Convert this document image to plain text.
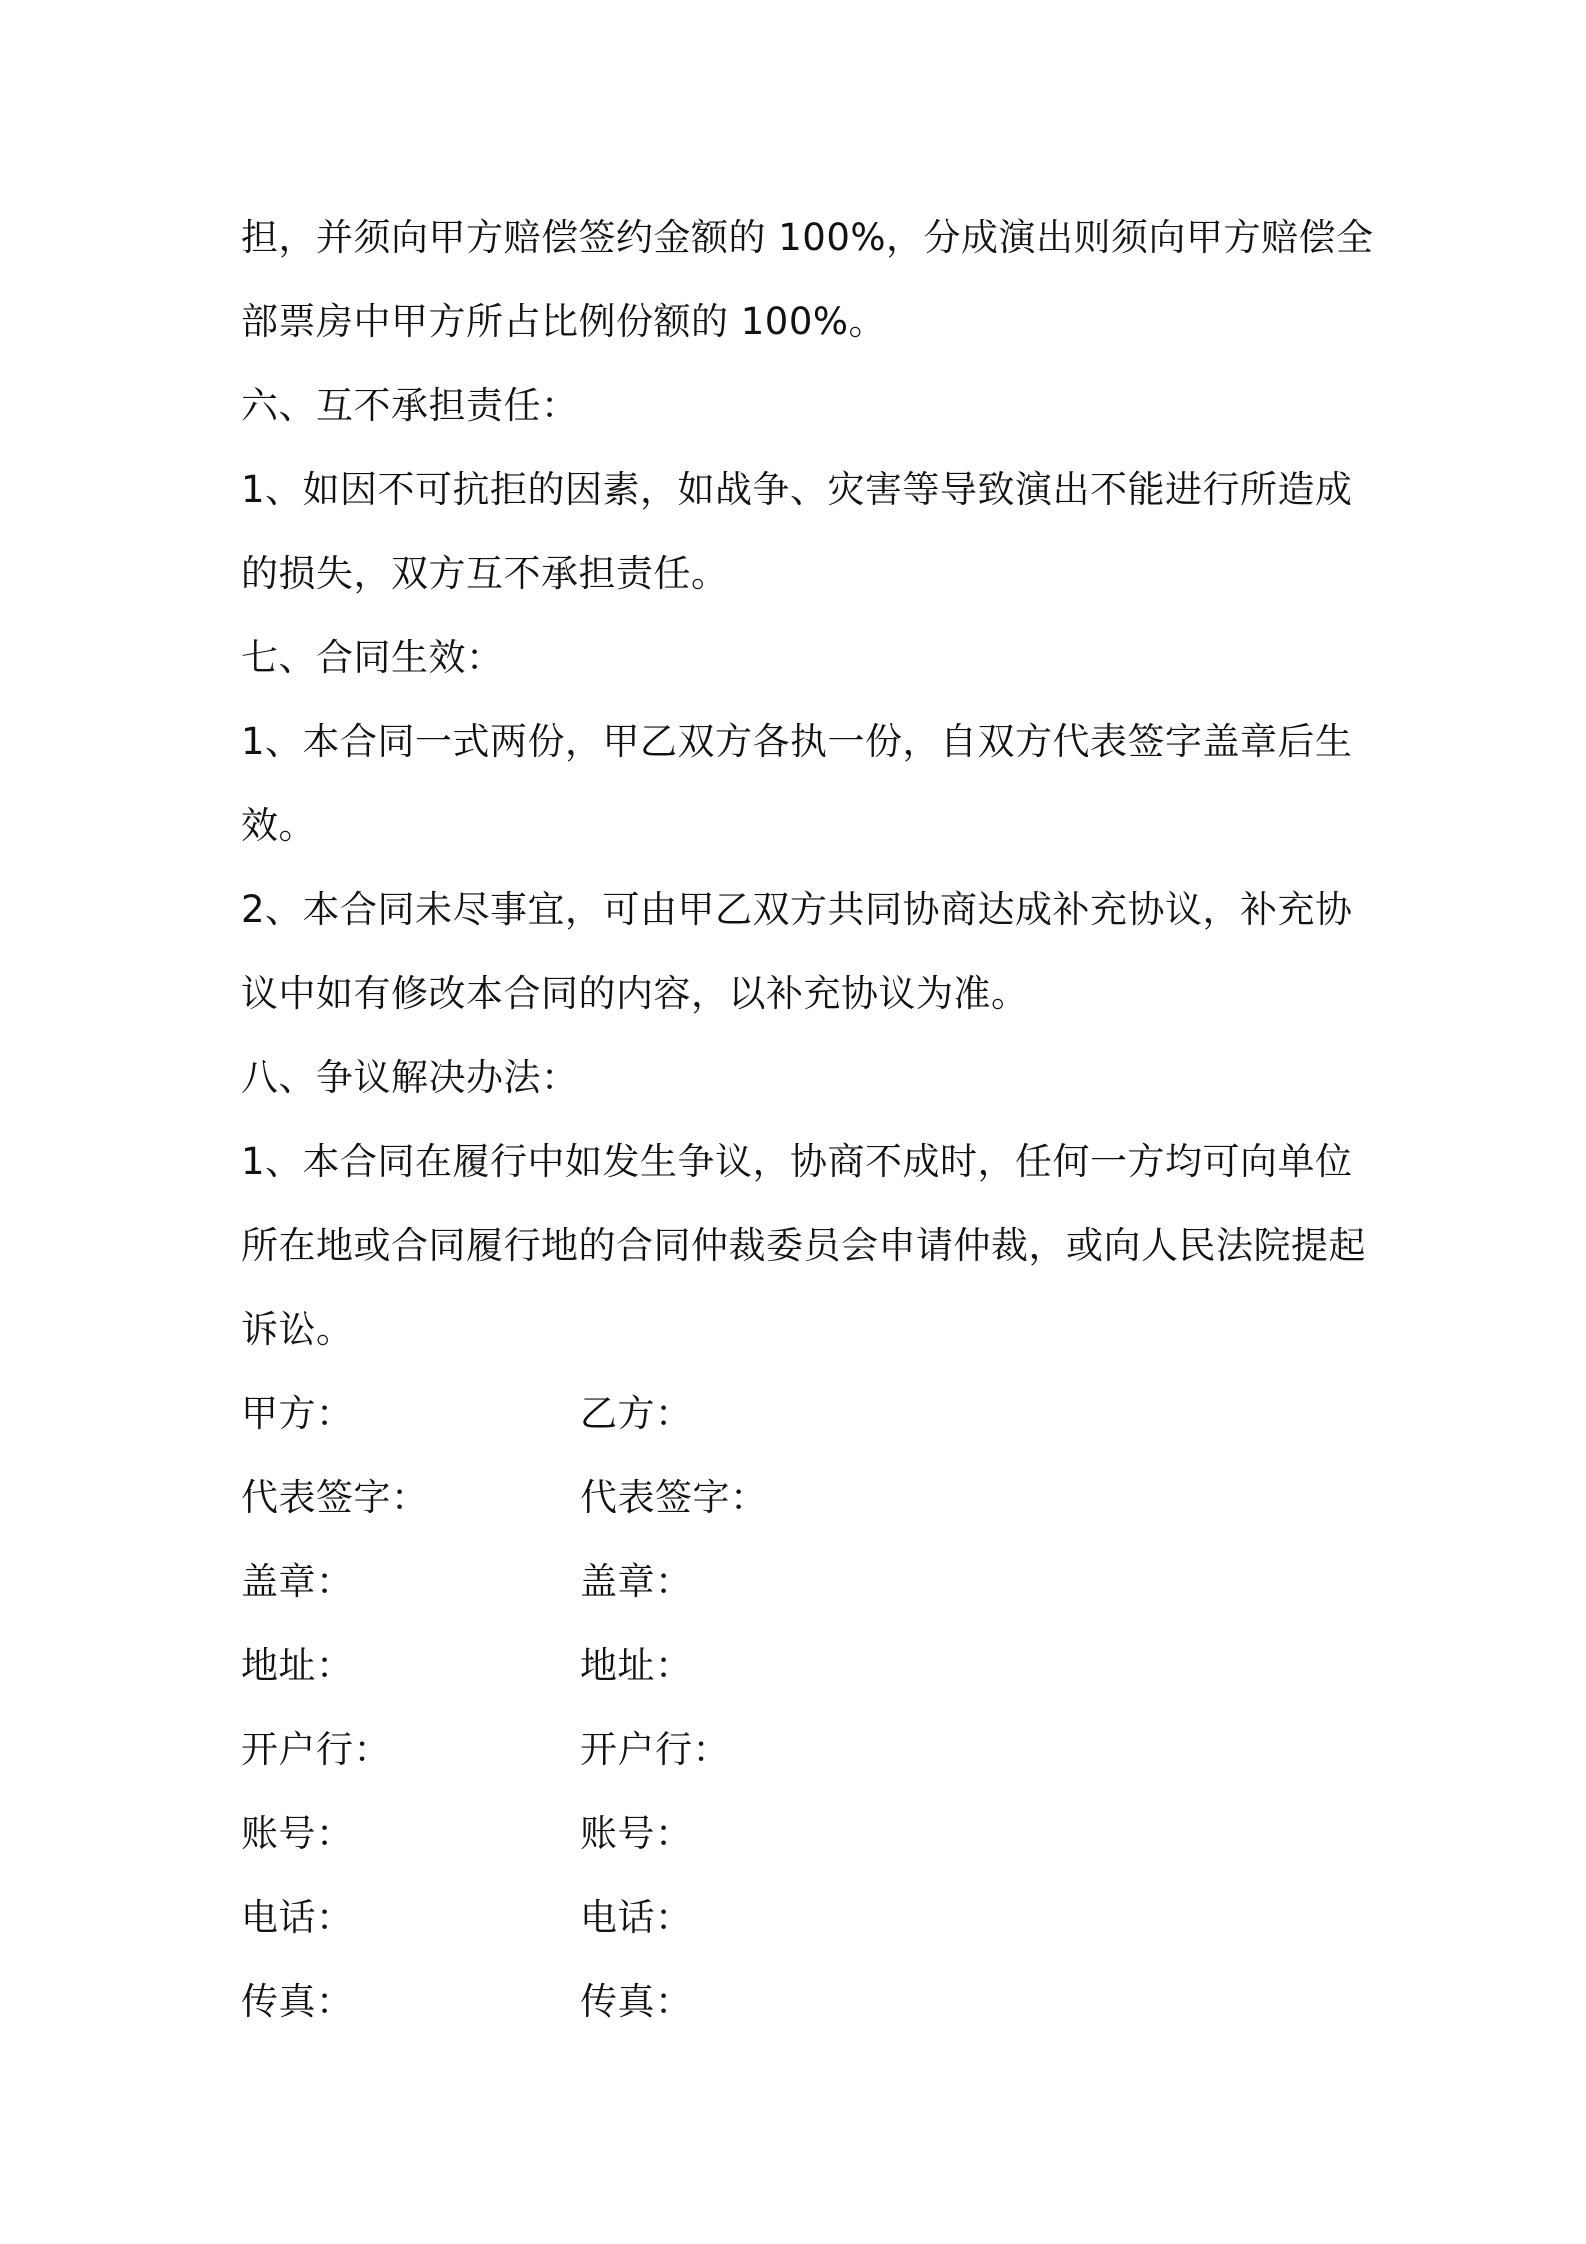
担，并须向甲方赔偿签约金额的 100%，分成演出则须向甲方赔偿全
部票房中甲方所占比例份额的 100%。
六、互不承担责任：
1、如因不可抗拒的因素，如战争、灾害等导致演出不能进行所造成
的损失，双方互不承担责任。
七、合同生效：
1、本合同一式两份，甲乙双方各执一份，自双方代表签字盖章后生
效。
2、本合同未尽事宜，可由甲乙双方共同协商达成补充协议，补充协
议中如有修改本合同的内容，以补充协议为准。
八、争议解决办法：
1、本合同在履行中如发生争议，协商不成时，任何一方均可向单位
所在地或合同履行地的合同仲裁委员会申请仲裁，或向人民法院提起
诉讼。
甲方：	乙方：
代表签字：	代表签字：
盖章：	盖章：
地址：	地址：
开户行：	开户行：
账号：	账号：
电话：	电话：
传真：	传真：
